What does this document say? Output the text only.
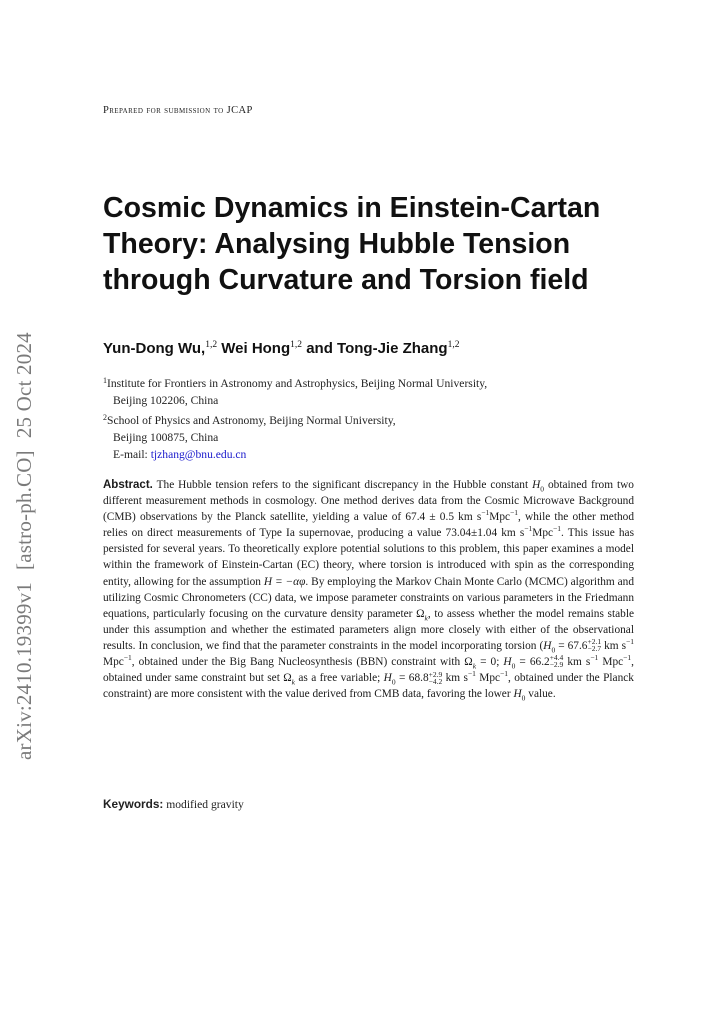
arXiv:2410.19399v1[astro-ph.CO]25 Oct 2024
Prepared for submission to JCAP
Cosmic Dynamics in Einstein-Cartan
Theory: Analysing Hubble Tension
through Curvature and Torsion field
Yun-Dong Wu,$^{1,2}$ Wei Hong$^{1,2}$ and Tong-Jie Zhang$^{1,2}$
$^1$Institute for Frontiers in Astronomy and Astrophysics, Beijing Normal University,
Beijing 102206, China
$^2$School of Physics and Astronomy, Beijing Normal University,
Beijing 100875, China
E-mail: tjzhang@bnu.edu.cn
Abstract. The Hubble tension refers to the significant discrepancy in the Hubble constant $H_0$ obtained from two different measurement methods in cosmology. One method derives data from the Cosmic Microwave Background (CMB) observations by the Planck satellite, yielding a value of 67.4 ± 0.5 km $s^{-1}Mpc^{-1}$, while the other method relies on direct measurements of Type Ia supernovae, producing a value 73.04±1.04 km $s^{-1}Mpc^{-1}$. This issue has persisted for several years. To theoretically explore potential solutions to this problem, this paper examines a model within the framework of Einstein-Cartan (EC) theory, where torsion is introduced with spin as the corresponding entity, allowing for the assumption H = −αφ. By employing the Markov Chain Monte Carlo (MCMC) algorithm and utilizing Cosmic Chronometers (CC) data, we impose parameter constraints on various parameters in the Friedmann equations, particularly focusing on the curvature density parameter $\Omega_k$, to assess whether the model remains stable under this assumption and whether the estimated parameters align more closely with either of the observational results. In conclusion, we find that the parameter constraints in the model incorporating torsion ($H_0 = 67.6 +2.1$
−2.7 km $s^{-1}$ Mpc$^{-1}$, obtained under the Big Bang Nucleosynthesis (BBN) constraint with $\Omega_k = 0$; $H_0 = 66.2 +4.4$
−2.9 km $s^{-1}$ Mpc$^{-1}$, obtained under same constraint but set $\Omega_k$ as a free variable; $H_0 = 68.8 +2.9$
−4.2 km $s^{-1}$ Mpc$^{-1}$, obtained under the Planck constraint) are more consistent with the value derived from CMB data, favoring the lower $H_0$ value.
Keywords: modified gravity
